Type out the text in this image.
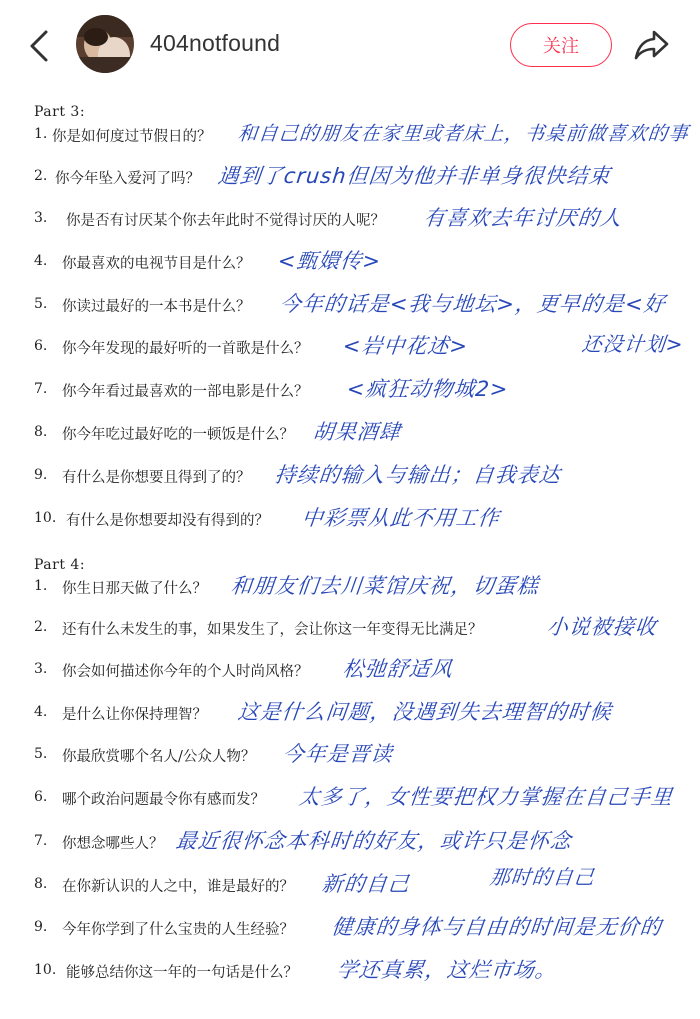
404notfound	关注
Part 3:
1. 你是如何度过节假日的？ 和自己的朋友在家里或者床上，书桌前做喜欢的事
2. 你今年坠入爱河了吗？ 遇到了crush但因为他并非单身很快结束
3. 你是否有讨厌某个你去年此时不觉得讨厌的人呢？ 有喜欢去年讨厌的人
4. 你最喜欢的电视节目是什么？ <甄嬛传>
5. 你读过最好的一本书是什么？ 今年的话是<我与地坛>，更早的是<好
还没计划>
6. 你今年发现的最好听的一首歌是什么？ <岩中花述>
7. 你今年看过最喜欢的一部电影是什么？ <疯狂动物城2>
8. 你今年吃过最好吃的一顿饭是什么？ 胡果酒肆
9. 有什么是你想要且得到了的？ 持续的输入与输出；自我表达
10. 有什么是你想要却没有得到的？ 中彩票从此不用工作
Part 4:
1. 你生日那天做了什么？ 和朋友们去川菜馆庆祝，切蛋糕
2. 还有什么未发生的事，如果发生了，会让你这一年变得无比满足？	小说被接收
3. 你会如何描述你今年的个人时尚风格？ 松弛舒适风
4. 是什么让你保持理智？ 这是什么问题，没遇到失去理智的时候
5. 你最欣赏哪个名人/公众人物？ 今年是晋读
6. 哪个政治问题最令你有感而发？ 太多了，女性要把权力掌握在自己手里
7. 你想念哪些人？ 最近很怀念本科时的好友，或许只是怀念
那时的自己
8. 在你新认识的人之中，谁是最好的？ 新的自己
9. 今年你学到了什么宝贵的人生经验？ 健康的身体与自由的时间是无价的
10. 能够总结你这一年的一句话是什么？ 学还真累，这烂市场。
